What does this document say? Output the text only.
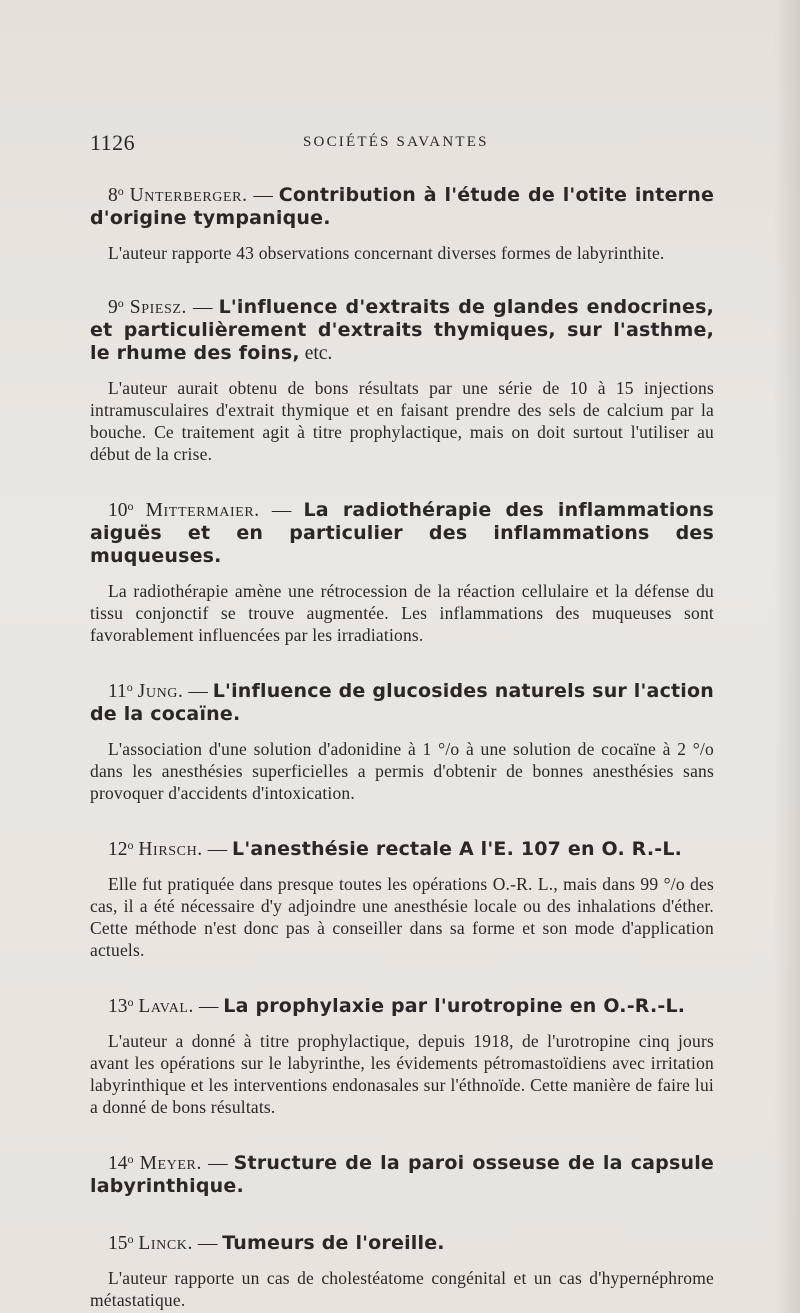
1126	SOCIÉTÉS SAVANTES

8$^o$ Unterberger. — Contribution à l'étude de l'otite interne d'origine tympanique.

L'auteur rapporte 43 observations concernant diverses formes de labyrinthite.

9$^o$ Spiesz. — L'influence d'extraits de glandes endocrines, et particulièrement d'extraits thymiques, sur l'asthme, le rhume des foins, etc.

L'auteur aurait obtenu de bons résultats par une série de 10 à 15 injections intramusculaires d'extrait thymique et en faisant prendre des sels de calcium par la bouche. Ce traitement agit à titre prophylactique, mais on doit surtout l'utiliser au début de la crise.

10$^o$ Mittermaier. — La radiothérapie des inflammations aiguës et en particulier des inflammations des muqueuses.

La radiothérapie amène une rétrocession de la réaction cellulaire et la défense du tissu conjonctif se trouve augmentée. Les inflammations des muqueuses sont favorablement influencées par les irradiations.

11$^o$ Jung. — L'influence de glucosides naturels sur l'action de la cocaïne.

L'association d'une solution d'adonidine à 1 °/o à une solution de cocaïne à 2 °/o dans les anesthésies superficielles a permis d'obtenir de bonnes anesthésies sans provoquer d'accidents d'intoxication.

12$^o$ Hirsch. — L'anesthésie rectale A l'E. 107 en O. R.-L.

Elle fut pratiquée dans presque toutes les opérations O.-R. L., mais dans 99 °/o des cas, il a été nécessaire d'y adjoindre une anesthésie locale ou des inhalations d'éther. Cette méthode n'est donc pas à conseiller dans sa forme et son mode d'application actuels.

13$^o$ Laval. — La prophylaxie par l'urotropine en O.-R.-L.

L'auteur a donné à titre prophylactique, depuis 1918, de l'urotropine cinq jours avant les opérations sur le labyrinthe, les évidements pétromastoïdiens avec irritation labyrinthique et les interventions endonasales sur l'éthnoïde. Cette manière de faire lui a donné de bons résultats.

14$^o$ Meyer. — Structure de la paroi osseuse de la capsule labyrinthique.

15$^o$ Linck. — Tumeurs de l'oreille.

L'auteur rapporte un cas de cholestéatome congénital et un cas d'hypernéphrome métastatique.
